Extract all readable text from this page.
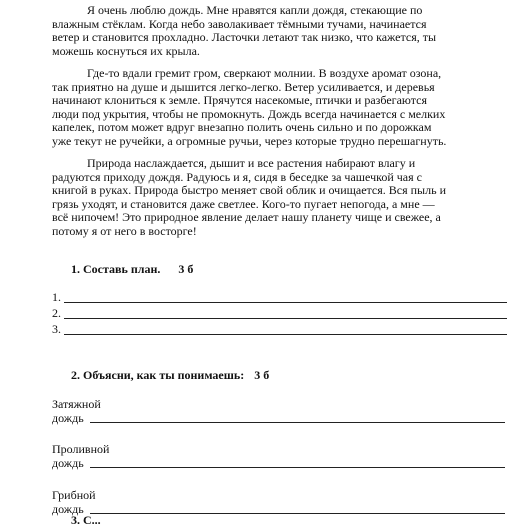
Я очень люблю дождь. Мне нравятся капли дождя, стекающие по
влажным стёклам. Когда небо заволакивает тёмными тучами, начинается
ветер и становится прохладно. Ласточки летают так низко, что кажется, ты
можешь коснуться их крыла.
Где-то вдали гремит гром, сверкают молнии. В воздухе аромат озона,
так приятно на душе и дышится легко-легко. Ветер усиливается, и деревья
начинают клониться к земле. Прячутся насекомые, птички и разбегаются
люди под укрытия, чтобы не промокнуть. Дождь всегда начинается с мелких
капелек, потом может вдруг внезапно полить очень сильно и по дорожкам
уже текут не ручейки, а огромные ручьи, через которые трудно перешагнуть.
Природа наслаждается, дышит и все растения набирают влагу и
радуются приходу дождя. Радуюсь и я, сидя в беседке за чашечкой чая с
книгой в руках. Природа быстро меняет свой облик и очищается. Вся пыль и
грязь уходят, и становится даже светлее. Кого-то пугает непогода, а мне —
всё нипочем! Это природное явление делает нашу планету чище и свежее, а
потому я от него в восторге!
1. Составь план. 3 б
1.
2.
3.
2. Объясни, как ты понимаешь: 3 б
Затяжной
дождь
Проливной
дождь
Грибной
дождь
3. С...
